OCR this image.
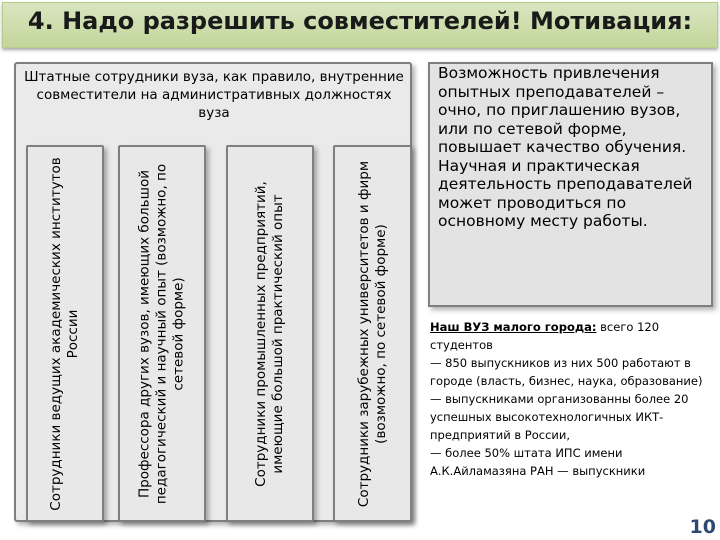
4. Надо разрешить совместителей! Мотивация:
Штатные сотрудники вуза, как правило, внутренние совместители на административных должностях вуза
Сотрудники ведущих академических институтов России	Профессора других вузов, имеющих большой педагогический и научный опыт (возможно, по сетевой форме)	Сотрудники промышленных предприятий, имеющие большой практический опыт	Сотрудники зарубежных университетов и фирм (возможно, по сетевой форме)

Возможность привлечения опытных преподавателей – очно, по приглашению вузов, или по сетевой форме, повышает качество обучения.

Научная и практическая деятельность преподавателей может проводиться по основному месту работы.

Наш ВУЗ малого города: всего 120 студентов

— 850 выпускников из них 500 работают в городе (власть, бизнес, наука, образование)

— выпускниками организованны более 20 успешных высокотехнологичных ИКТ-предприятий в России,

— более 50% штата ИПС имени А.К.Айламазяна РАН — выпускники

10
